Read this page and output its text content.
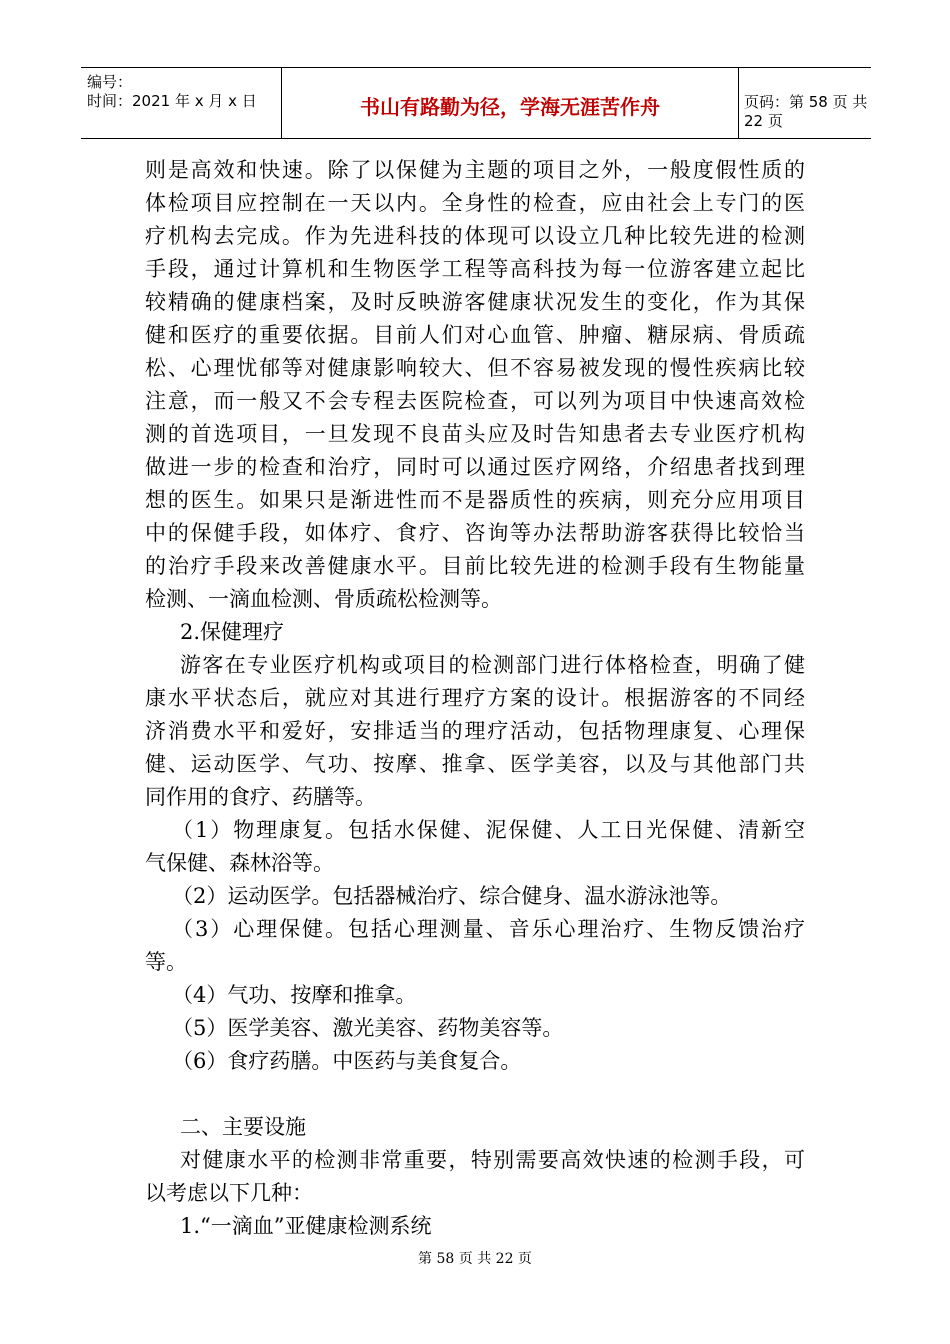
编号：
时间：2021 年 x 月 x 日	书山有路勤为径，学海无涯苦作舟	页码：第 58 页 共 22 页
则是高效和快速。除了以保健为主题的项目之外，一般度假性质的
体检项目应控制在一天以内。全身性的检查，应由社会上专门的医
疗机构去完成。作为先进科技的体现可以设立几种比较先进的检测
手段，通过计算机和生物医学工程等高科技为每一位游客建立起比
较精确的健康档案，及时反映游客健康状况发生的变化，作为其保
健和医疗的重要依据。目前人们对心血管、肿瘤、糖尿病、骨质疏
松、心理忧郁等对健康影响较大、但不容易被发现的慢性疾病比较
注意，而一般又不会专程去医院检查，可以列为项目中快速高效检
测的首选项目，一旦发现不良苗头应及时告知患者去专业医疗机构
做进一步的检查和治疗，同时可以通过医疗网络，介绍患者找到理
想的医生。如果只是渐进性而不是器质性的疾病，则充分应用项目
中的保健手段，如体疗、食疗、咨询等办法帮助游客获得比较恰当
的治疗手段来改善健康水平。目前比较先进的检测手段有生物能量
检测、一滴血检测、骨质疏松检测等。
2.保健理疗
游客在专业医疗机构或项目的检测部门进行体格检查，明确了健
康水平状态后，就应对其进行理疗方案的设计。根据游客的不同经
济消费水平和爱好，安排适当的理疗活动，包括物理康复、心理保
健、运动医学、气功、按摩、推拿、医学美容，以及与其他部门共
同作用的食疗、药膳等。
（1）物理康复。包括水保健、泥保健、人工日光保健、清新空
气保健、森林浴等。
（2）运动医学。包括器械治疗、综合健身、温水游泳池等。
（3）心理保健。包括心理测量、音乐心理治疗、生物反馈治疗
等。
（4）气功、按摩和推拿。
（5）医学美容、激光美容、药物美容等。
（6）食疗药膳。中医药与美食复合。
二、主要设施
对健康水平的检测非常重要，特别需要高效快速的检测手段，可
以考虑以下几种：
1.“一滴血”亚健康检测系统
第 58 页 共 22 页
